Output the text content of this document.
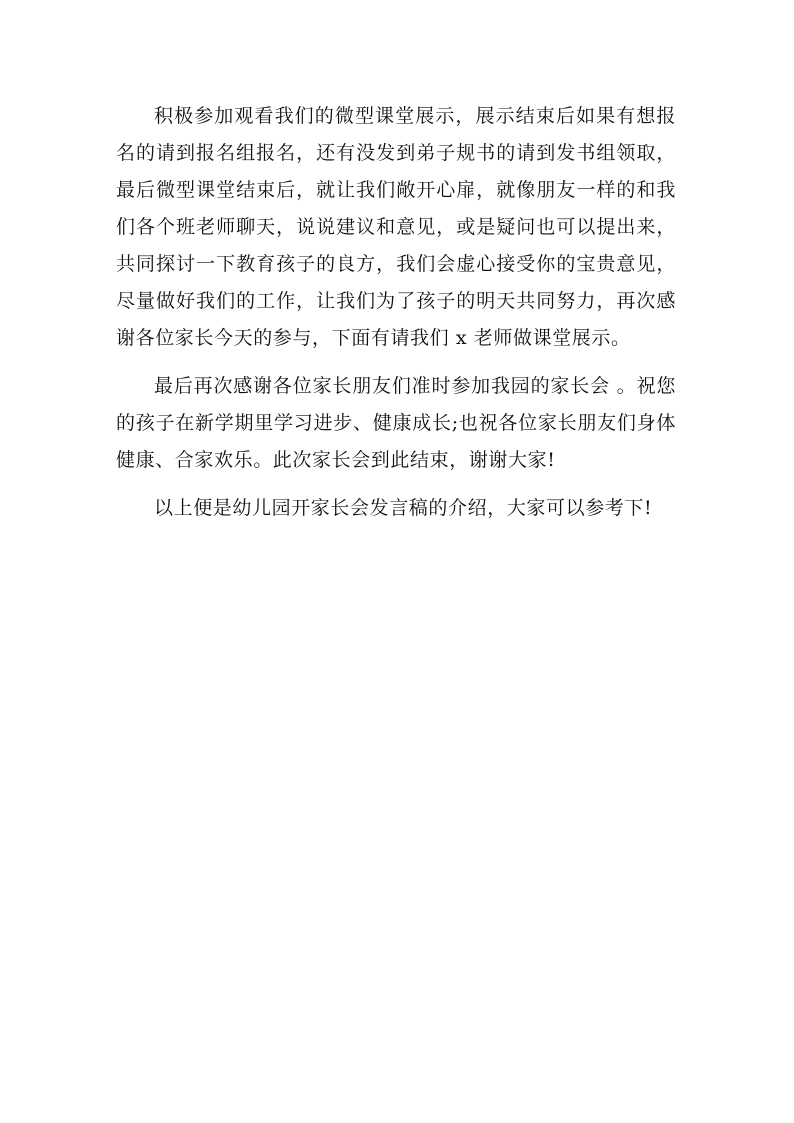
积极参加观看我们的微型课堂展示，展示结束后如果有想报名的请到报名组报名，还有没发到弟子规书的请到发书组领取，最后微型课堂结束后，就让我们敞开心扉，就像朋友一样的和我们各个班老师聊天，说说建议和意见，或是疑问也可以提出来，共同探讨一下教育孩子的良方，我们会虚心接受你的宝贵意见，尽量做好我们的工作，让我们为了孩子的明天共同努力，再次感谢各位家长今天的参与，下面有请我们 x 老师做课堂展示。

最后再次感谢各位家长朋友们准时参加我园的家长会 。祝您的孩子在新学期里学习进步、健康成长;也祝各位家长朋友们身体健康、合家欢乐。此次家长会到此结束，谢谢大家!

以上便是幼儿园开家长会发言稿的介绍，大家可以参考下!
